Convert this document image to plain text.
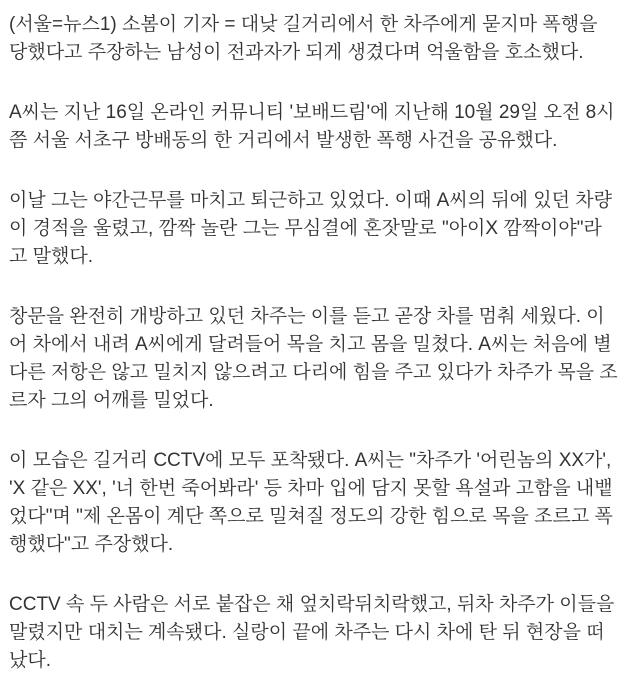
(서울=뉴스1) 소봄이 기자 = 대낮 길거리에서 한 차주에게 묻지마 폭행을 당했다고 주장하는 남성이 전과자가 되게 생겼다며 억울함을 호소했다.

A씨는 지난 16일 온라인 커뮤니티 '보배드림'에 지난해 10월 29일 오전 8시쯤 서울 서초구 방배동의 한 거리에서 발생한 폭행 사건을 공유했다.

이날 그는 야간근무를 마치고 퇴근하고 있었다. 이때 A씨의 뒤에 있던 차량이 경적을 울렸고, 깜짝 놀란 그는 무심결에 혼잣말로 "아이X 깜짝이야"라고 말했다.

창문을 완전히 개방하고 있던 차주는 이를 듣고 곧장 차를 멈춰 세웠다. 이어 차에서 내려 A씨에게 달려들어 목을 치고 몸을 밀쳤다. A씨는 처음에 별 다른 저항은 않고 밀치지 않으려고 다리에 힘을 주고 있다가 차주가 목을 조르자 그의 어깨를 밀었다.

이 모습은 길거리 CCTV에 모두 포착됐다. A씨는 "차주가 '어린놈의 XX가', 'X 같은 XX', '너 한번 죽어봐라' 등 차마 입에 담지 못할 욕설과 고함을 내뱉었다"며 "제 온몸이 계단 쪽으로 밀쳐질 정도의 강한 힘으로 목을 조르고 폭행했다"고 주장했다.

CCTV 속 두 사람은 서로 붙잡은 채 엎치락뒤치락했고, 뒤차 차주가 이들을 말렸지만 대치는 계속됐다. 실랑이 끝에 차주는 다시 차에 탄 뒤 현장을 떠났다.
